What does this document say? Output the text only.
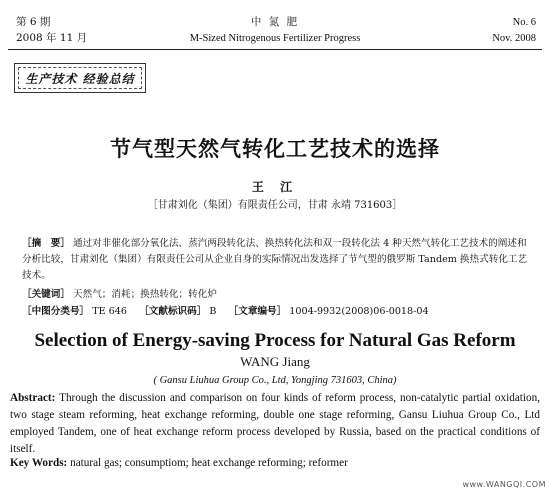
第 6 期
2008 年 11 月
中 氮 肥
M-Sized Nitrogenous Fertilizer Progress
No. 6
Nov. 2008
生产技术 经验总结
节气型天然气转化工艺技术的选择
王 江
［甘肃刘化（集团）有限责任公司，甘肃 永靖 731603］
［摘　要］ 通过对非催化部分氧化法、蒸汽两段转化法、换热转化法和双一段转化法 4 种天然气转化工艺技术的阐述和分析比较，甘肃刘化（集团）有限责任公司从企业自身的实际情况出发选择了节气型的俄罗斯 Tandem 换热式转化工艺技术。
［关键词］ 天然气；消耗；换热转化；转化炉
［中图分类号］ TE 646 ［文献标识码］ B ［文章编号］ 1004-9932(2008)06-0018-04
Selection of Energy-saving Process for Natural Gas Reform
WANG Jiang
( Gansu Liuhua Group Co., Ltd, Yongjing 731603, China)
Abstract: Through the discussion and comparison on four kinds of reform process, non-catalytic partial oxidation, two stage steam reforming, heat exchange reforming, double one stage reforming, Gansu Liuhua Group Co., Ltd employed Tandem, one of heat exchange reform process developed by Russia, based on the practical conditions of itself.
Key Words: natural gas; consumptiom; heat exchange reforming; reformer
www.WANGQI.COM
